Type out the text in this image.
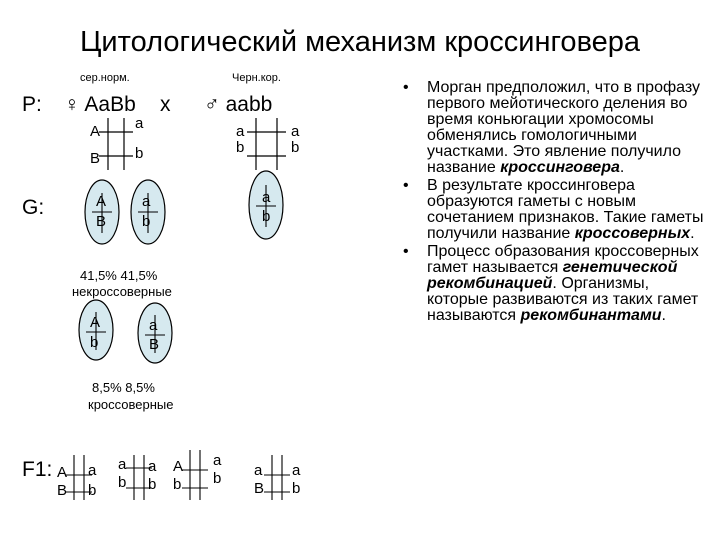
Цитологический механизм кроссинговера
сер.норм.	Черн.кор.
P: ♀ AaBb x ♂ aabb
G:
F1:
A a
B b
a	a
b	b
A
B
a
b
a
b
41,5% 41,5%
некроссоверные
A
b
a
B
8,5% 8,5%
кроссоверные
A a
B b
a a
b b
A a
b b a a
B b
• Морган предположил, что в профазу первого мейотического деления во время коньюгации хромосомы обменялись гомологичными участками. Это явление получило название кроссинговера.
• В результате кроссинговера образуются гаметы с новым сочетанием признаков. Такие гаметы получили название кроссоверных.
• Процесс образования кроссоверных гамет называется генетической рекомбинацией. Организмы, которые развиваются из таких гамет называются рекомбинантами.
